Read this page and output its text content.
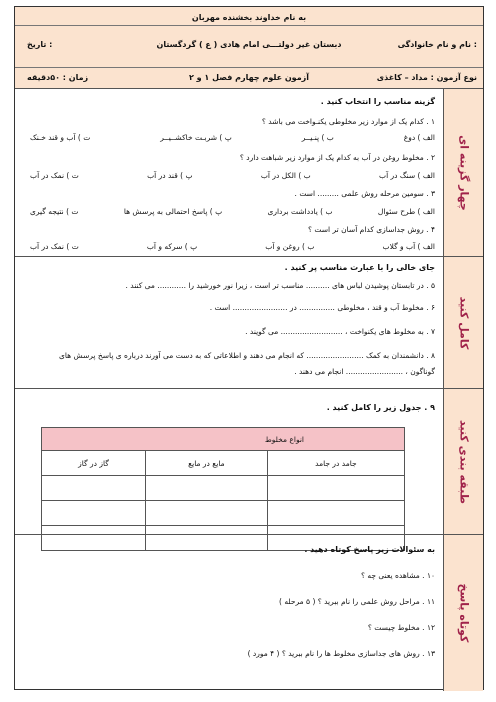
به نام خداوند بخشنده مهربان
نام و نام خانوادگی :
دبستان غیر دولتـــی امام هادی ( ع ) گردگستان
تاریخ :
نوع آزمون : مداد – کاغذی
آزمون علوم چهارم فصل ۱ و ۲
زمان : ۵۰دقیقه
چهار گزینه ای
گزینه مناسب را انتخاب کنید .
۱ . کدام یک از موارد زیر مخلوطی یکنـواخت می باشد ؟
الف ) دوغ
ب ) پنـیــر
پ ) شربـت خاکشــیــر
ت ) آب و قند خـنک
۲ . مخلوط روغن در آب به کدام یک از موارد زیر شباهت دارد ؟
الف ) سنگ در آب
ب ) الکل در آب
پ ) قند در آب
ت ) نمک در آب
۳ . سومین مرحله روش علمی ......... است .
الف ) طرح سئوال
ب ) یادداشت برداری
پ ) پاسخ احتمالی به پرسش ها
ت ) نتیجه گیری
۴ . روش جداسازی کدام آسان تر است ؟
الف ) آب و گلاب
ب ) روغن و آب
پ ) سرکه و آب
ت ) نمک در آب
کامل کنید
جای خالی را با عبارت مناسب پر کنید .
۵ . در تابستان پوشیدن لباس های .......... مناسب تر است ، زیرا نور خورشید را ............ می کنند .
۶ . مخلوط آب و قند ، مخلوطی ............... در ....................... است .
۷ . به مخلوط های یکنواخت ، .......................... می گویند .
۸ . دانشمندان به کمک ........................ که انجام می دهند و اطلاعاتی که به دست می آورند درباره ی پاسخ پرسش های
گوناگون ، ........................ انجام می دهند .
طبقه بندی کنید
۹ . جدول زیر را کامل کنید .
انواع مخلوط		
جامد در جامد	مایع در مایع	گاز در گاز

کوتاه پاسخ
به سئوالات زیر پاسخ کوتاه دهید .
۱۰ . مشاهده یعنی چه ؟
۱۱ . مراحل روش علمی را نام ببرید ؟ ( ۵ مرحله )
۱۲ . مخلوط چیست ؟
۱۳ . روش های جداسازی مخلوط ها را نام ببرید ؟ ( ۴ مورد )
